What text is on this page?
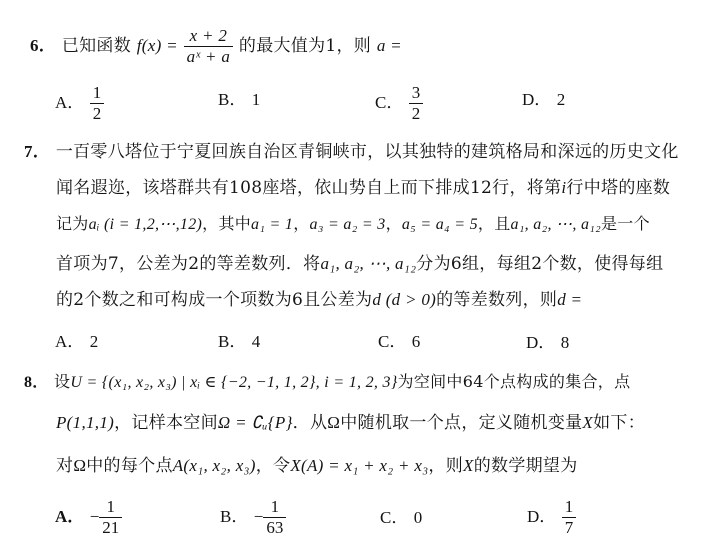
6． 已知函数 $f(x) = \frac{x + 2}{\text{aˣ + a}}$ 的最大值为1，则 a =
A． $\frac{1}{2}$	B． 1	C． $\frac{3}{2}$	D． 2
7． 一百零八塔位于宁夏回族自治区青铜峡市，以其独特的建筑格局和深远的历史文化
闻名遐迩，该塔群共有108座塔，依山势自上而下排成12行，将第i行中塔的座数
记为aᵢ (i = 1,2,⋯,12)，其中a₁ = 1，a₃ = a₂ = 3，a₅ = a₄ = 5，且a₁, a₂, ⋯, a₁₂是一个
首项为7，公差为2的等差数列．将a₁, a₂, ⋯, a₁₂分为6组，每组2个数，使得每组
的2个数之和可构成一个项数为6且公差为d (d > 0)的等差数列，则d =
A． 2	B． 4	C． 6	D． 8
8． 设U = {(x₁, x₂, x₃) | xᵢ ∈ {−2, −1, 1, 2}, i = 1, 2, 3}为空间中64个点构成的集合，点
P(1,1,1)，记样本空间Ω = ∁ᵤ{P}．从Ω中随机取一个点，定义随机变量X如下：
对Ω中的每个点A(x₁, x₂, x₃)，令X(A) = x₁ + x₂ + x₃，则X的数学期望为
A． − $\frac{1}{21}$	B． − $\frac{1}{63}$	C． 0	D． $\frac{1}{7}$
